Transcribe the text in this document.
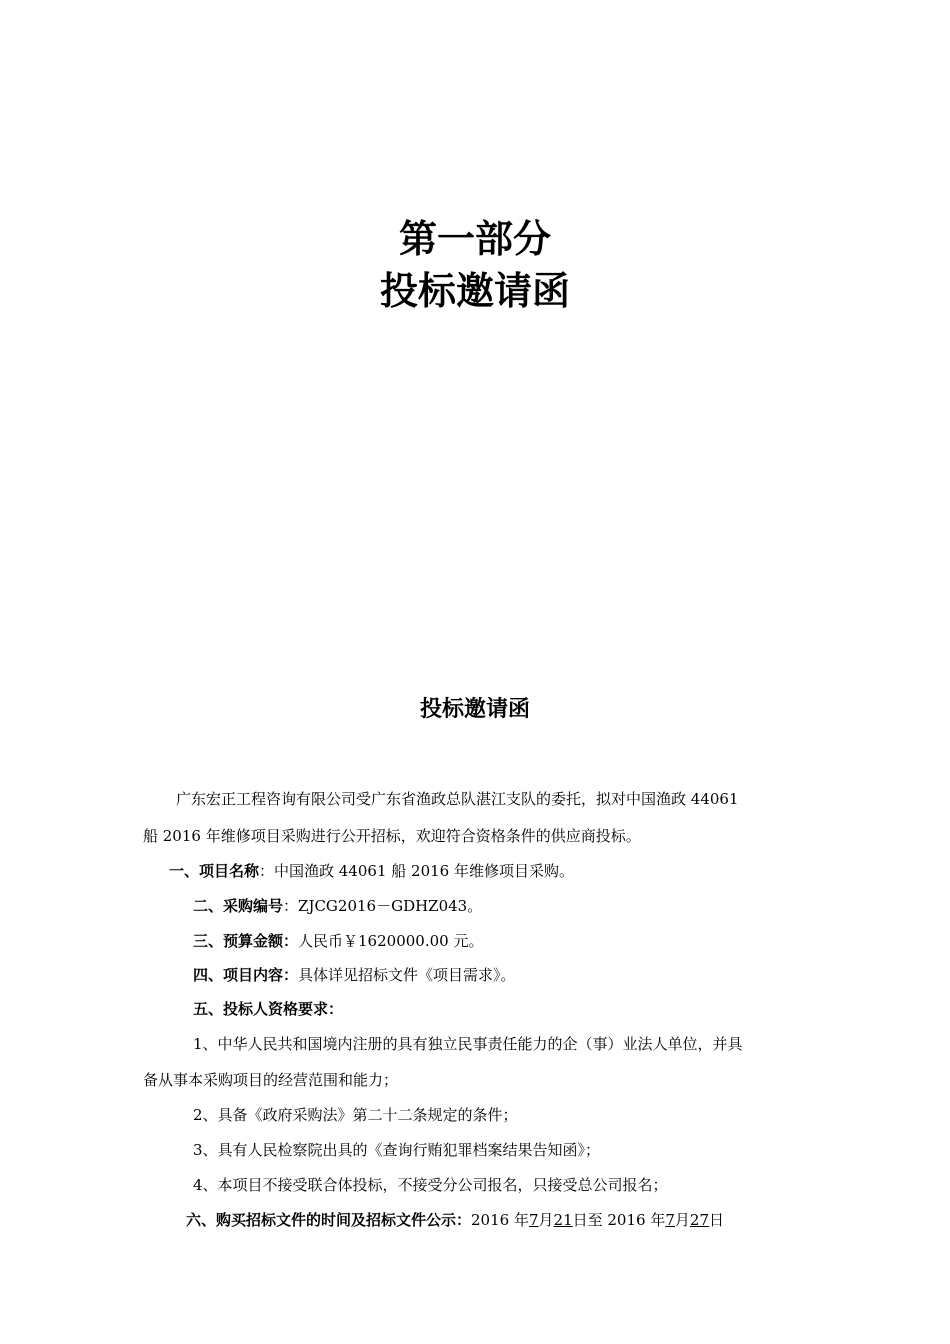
第一部分
投标邀请函
投标邀请函
广东宏正工程咨询有限公司受广东省渔政总队湛江支队的委托，拟对中国渔政 44061
船 2016 年维修项目采购进行公开招标，欢迎符合资格条件的供应商投标。
一、项目名称：中国渔政 44061 船 2016 年维修项目采购。
二、采购编号：ZJCG2016－GDHZ043。
三、预算金额：人民币￥1620000.00 元。
四、项目内容：具体详见招标文件《项目需求》。
五、投标人资格要求：
1、中华人民共和国境内注册的具有独立民事责任能力的企（事）业法人单位，并具
备从事本采购项目的经营范围和能力；
2、具备《政府采购法》第二十二条规定的条件；
3、具有人民检察院出具的《查询行贿犯罪档案结果告知函》；
4、本项目不接受联合体投标，不接受分公司报名，只接受总公司报名；
六、购买招标文件的时间及招标文件公示：2016 年7月21日至 2016 年7月27日
